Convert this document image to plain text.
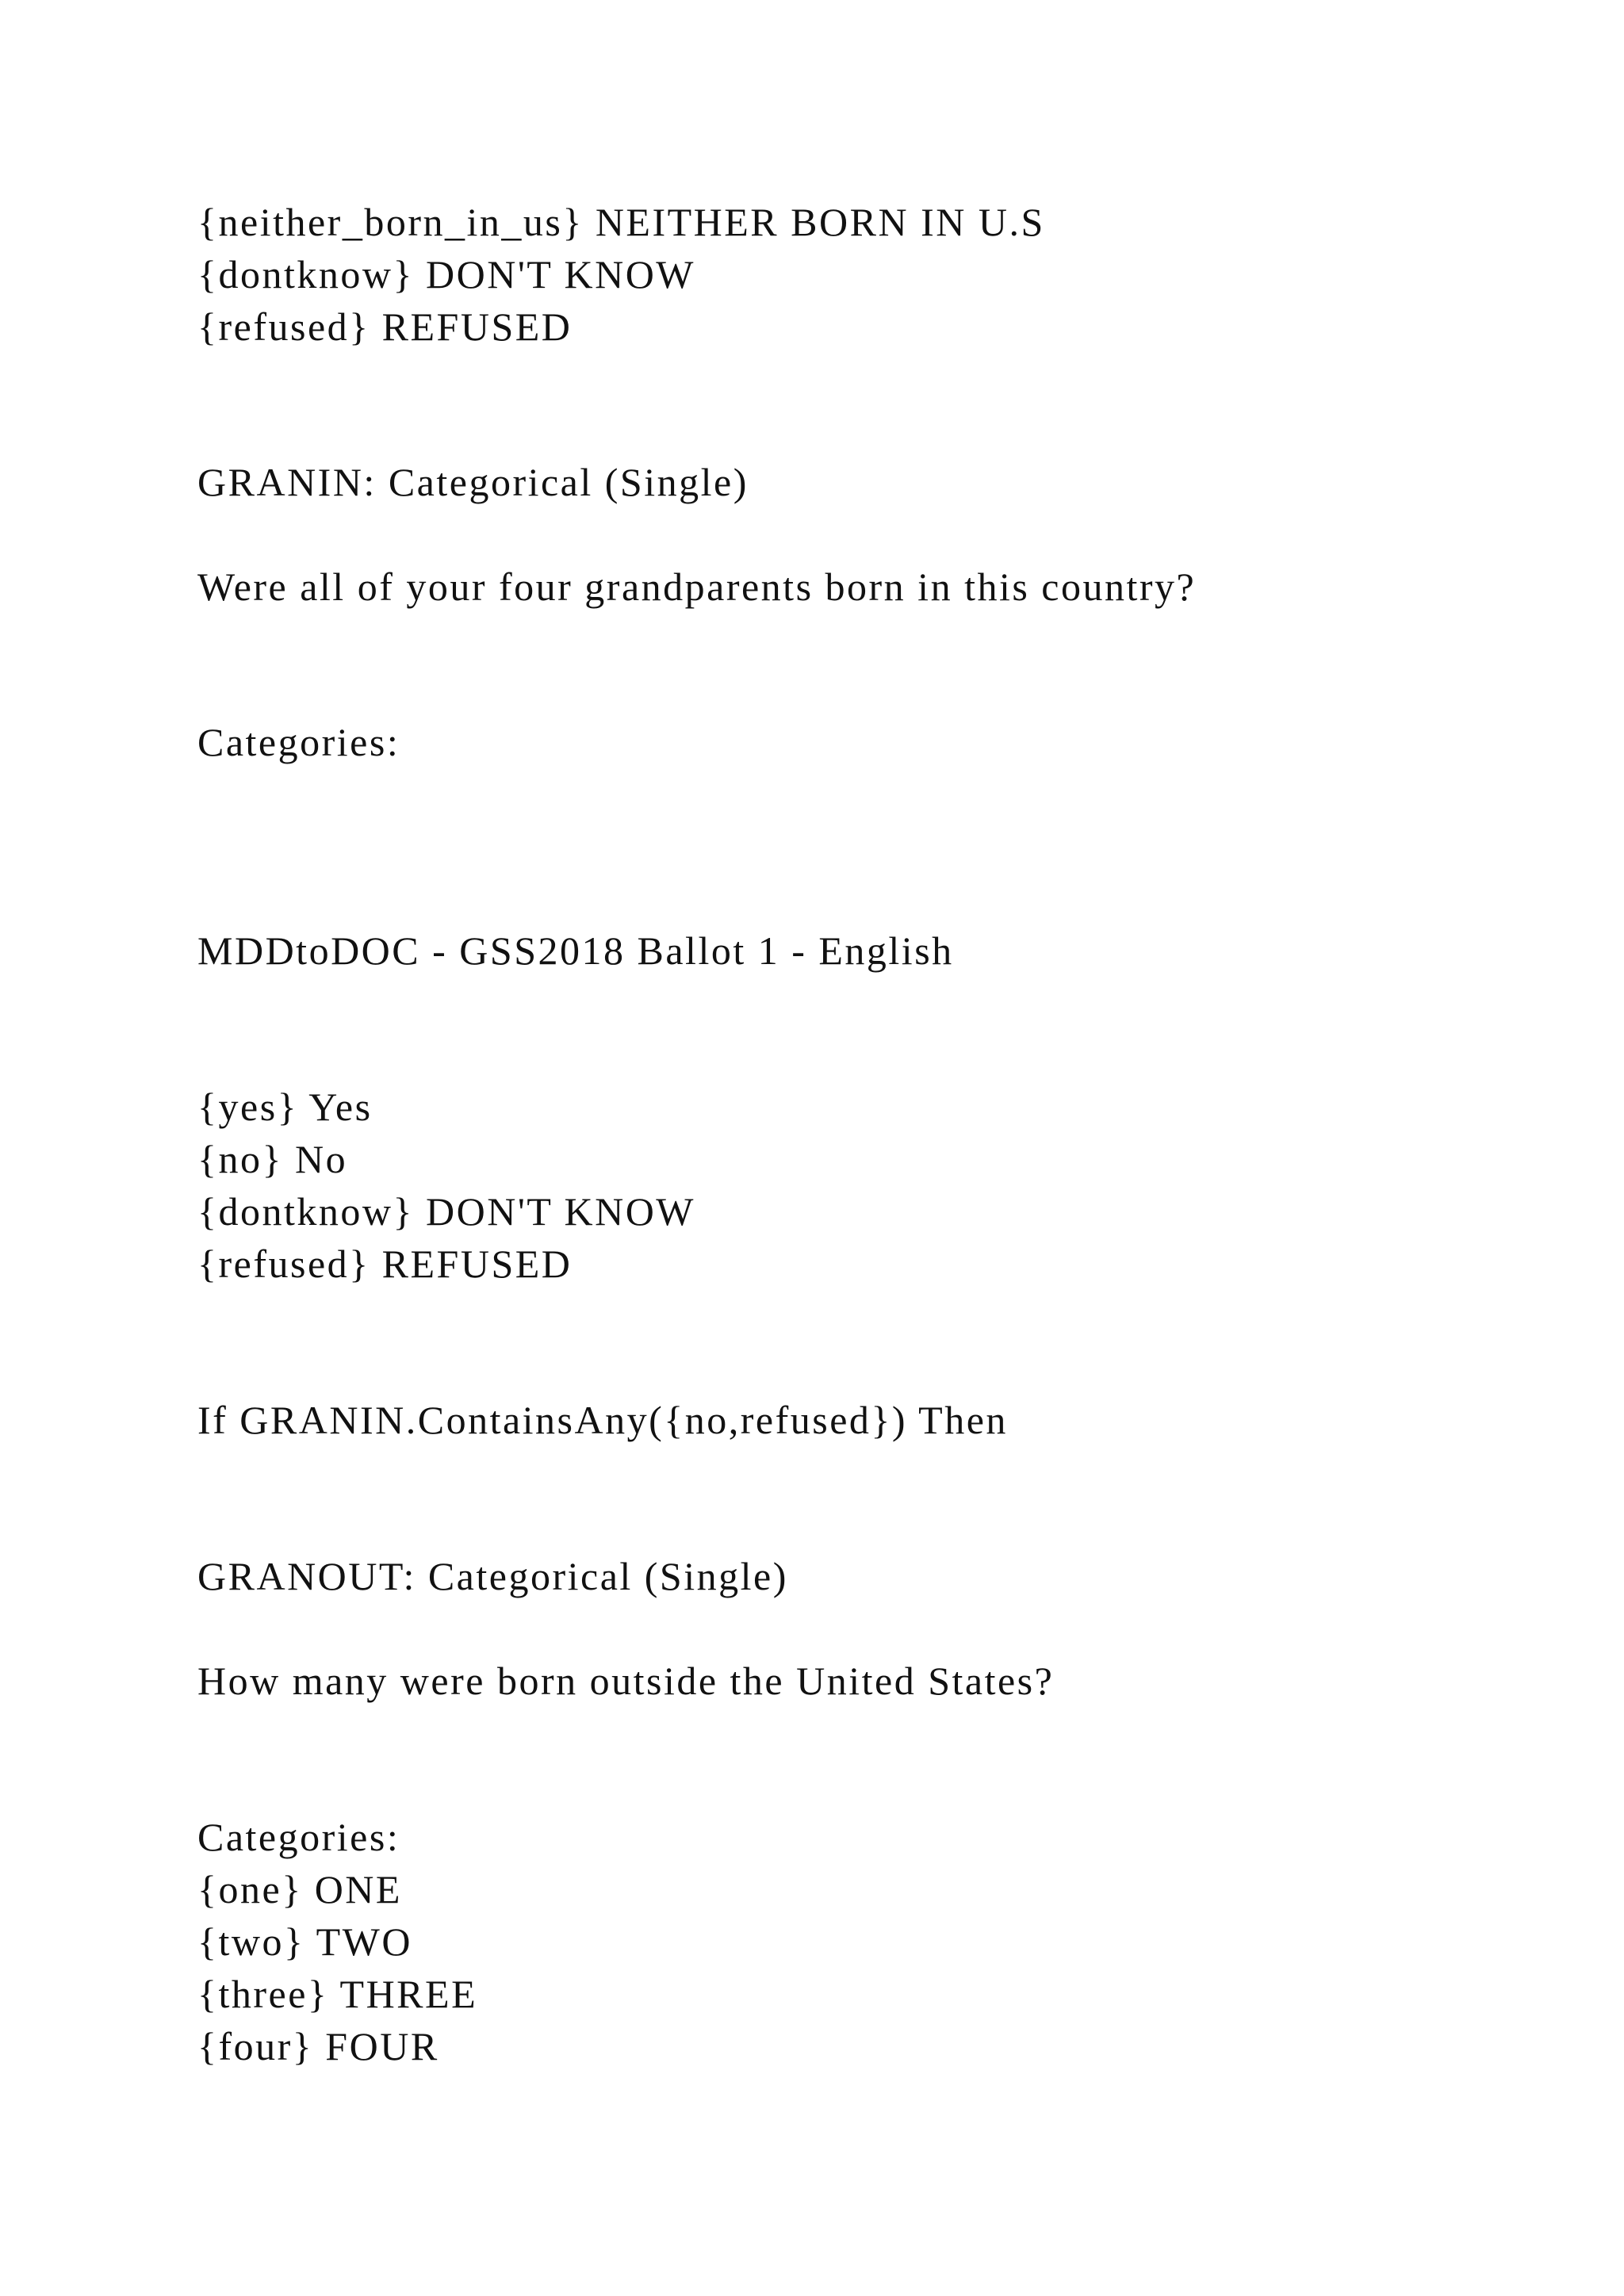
{neither_born_in_us} NEITHER BORN IN U.S
{dontknow} DON'T KNOW
{refused} REFUSED
GRANIN: Categorical (Single)
Were all of your four grandparents born in this country?
Categories:
MDDtoDOC - GSS2018 Ballot 1 - English
{yes} Yes
{no} No
{dontknow} DON'T KNOW
{refused} REFUSED
If GRANIN.ContainsAny({no,refused}) Then
GRANOUT: Categorical (Single)
How many were born outside the United States?
Categories:
{one} ONE
{two} TWO
{three} THREE
{four} FOUR
